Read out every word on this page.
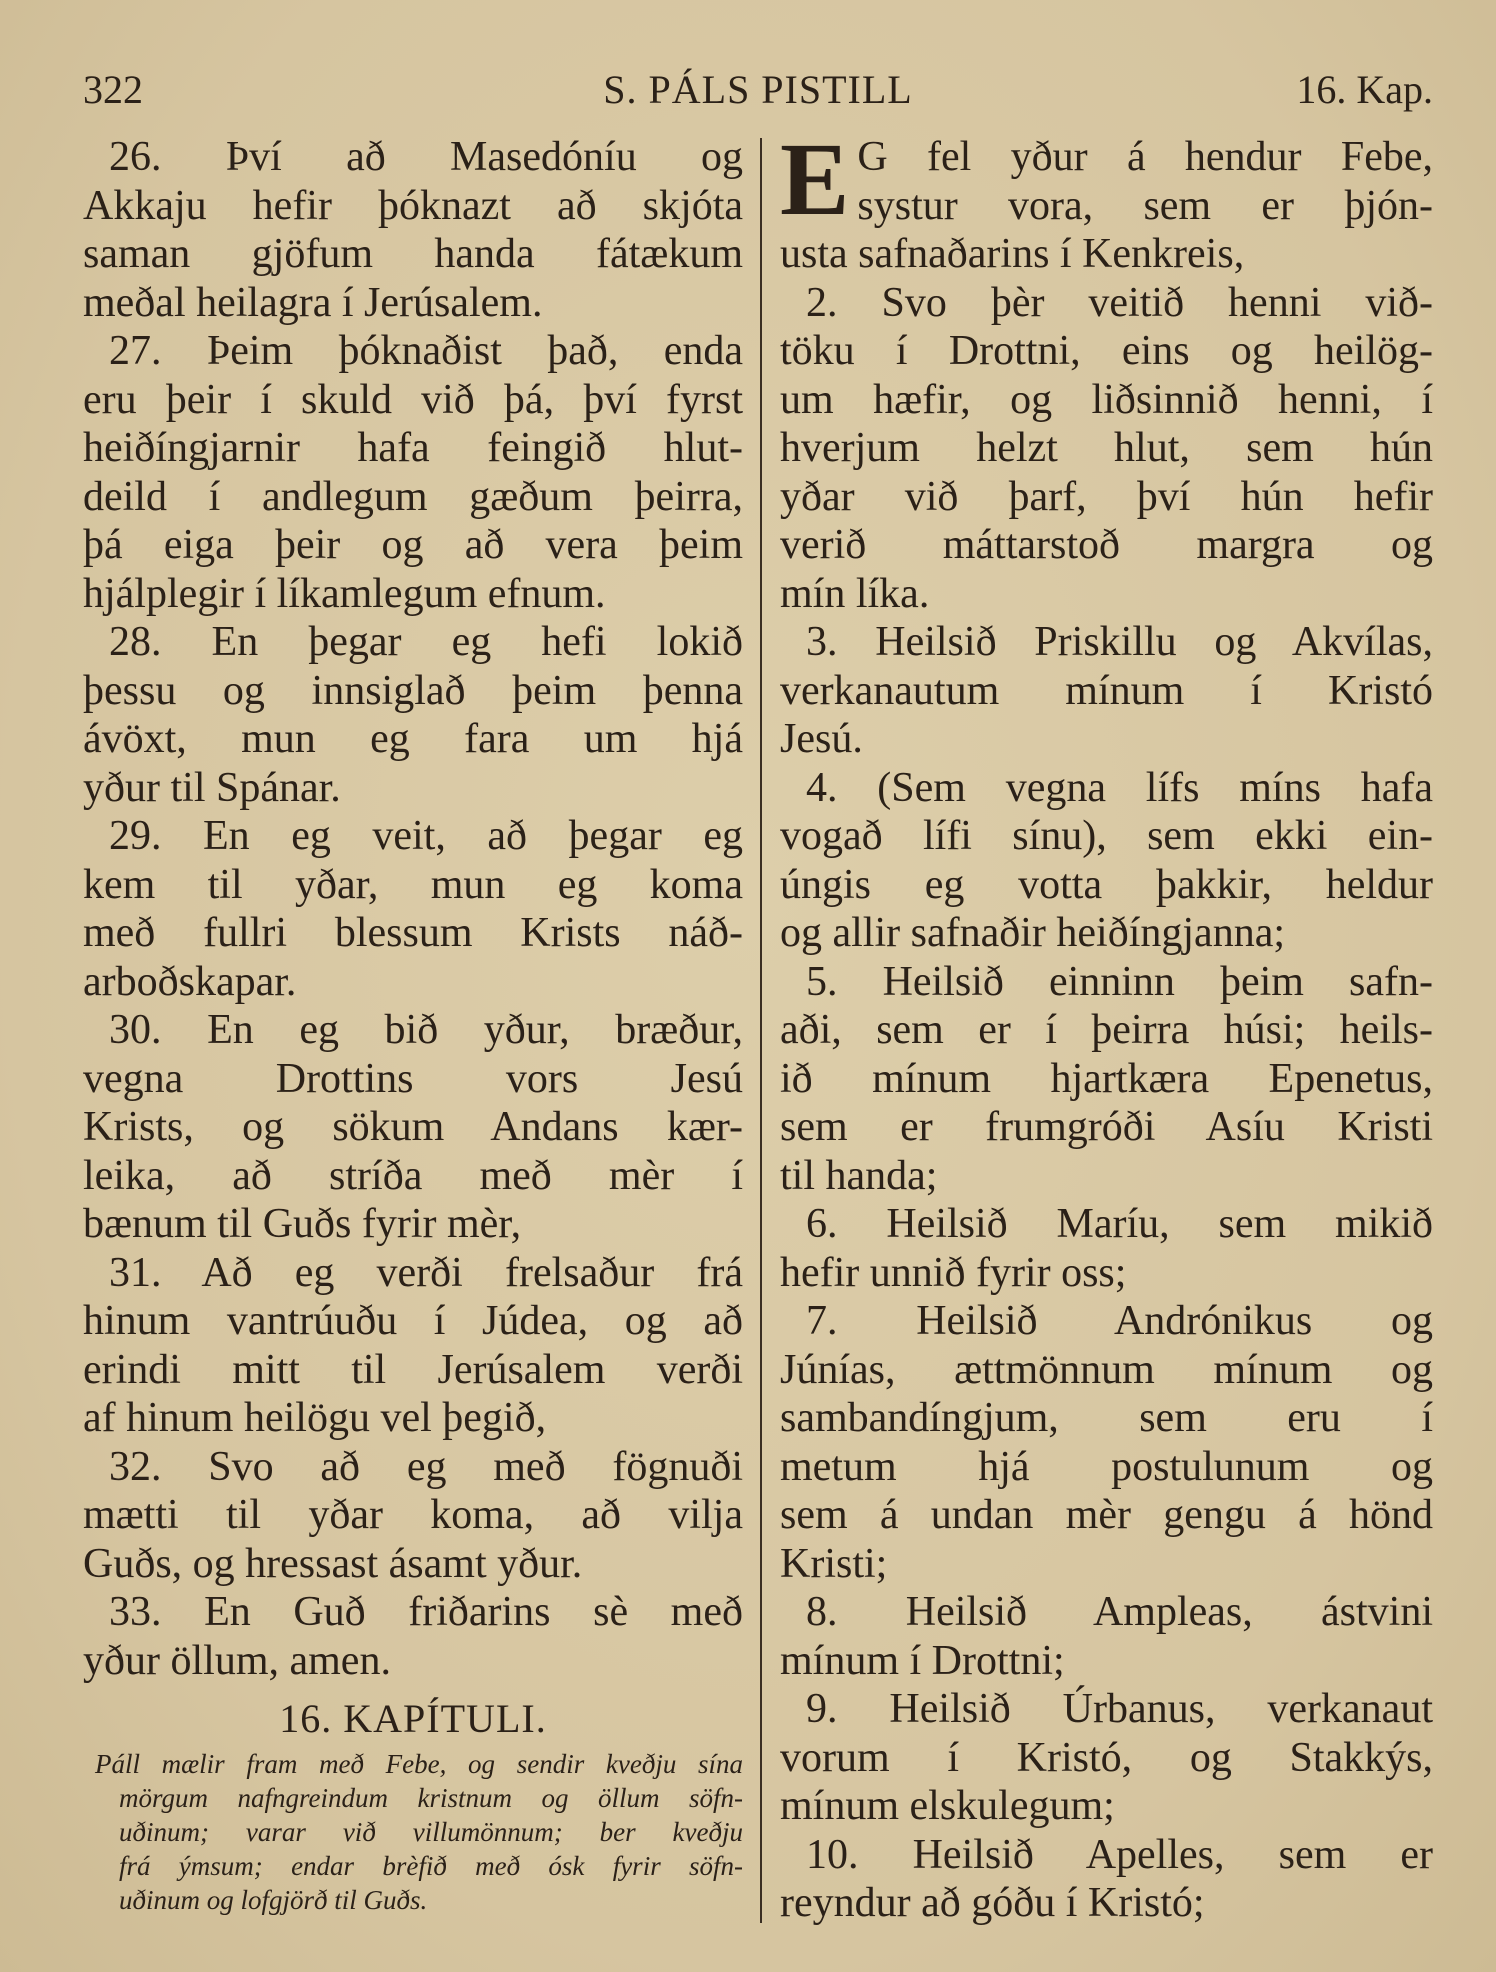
322	S. PÁLS PISTILL	16. Kap.
26. Því að Masedóníu og
Akkaju hefir þóknazt að skjóta
saman gjöfum handa fátækum
meðal heilagra í Jerúsalem.
27. Þeim þóknaðist það, enda
eru þeir í skuld við þá, því fyrst
heiðíngjarnir hafa feingið hlut-
deild í andlegum gæðum þeirra,
þá eiga þeir og að vera þeim
hjálplegir í líkamlegum efnum.
28. En þegar eg hefi lokið
þessu og innsiglað þeim þenna
ávöxt, mun eg fara um hjá
yður til Spánar.
29. En eg veit, að þegar eg
kem til yðar, mun eg koma
með fullri blessum Krists náð-
arboðskapar.
30. En eg bið yður, bræður,
vegna Drottins vors Jesú
Krists, og sökum Andans kær-
leika, að stríða með mèr í
bænum til Guðs fyrir mèr,
31. Að eg verði frelsaður frá
hinum vantrúuðu í Júdea, og að
erindi mitt til Jerúsalem verði
af hinum heilögu vel þegið,
32. Svo að eg með fögnuði
mætti til yðar koma, að vilja
Guðs, og hressast ásamt yður.
33. En Guð friðarins sè með
yður öllum, amen.
16. KAPÍTULI.
Páll mælir fram með Febe, og sendir kveðju sína
mörgum nafngreindum kristnum og öllum söfn-
uðinum; varar við villumönnum; ber kveðju
frá ýmsum; endar brèfið með ósk fyrir söfn-
uðinum og lofgjörð til Guðs.
E G fel yður á hendur Febe,
systur vora, sem er þjón-
usta safnaðarins í Kenkreis,
2. Svo þèr veitið henni við-
töku í Drottni, eins og heilög-
um hæfir, og liðsinnið henni, í
hverjum helzt hlut, sem hún
yðar við þarf, því hún hefir
verið máttarstoð margra og
mín líka.
3. Heilsið Priskillu og Akvílas,
verkanautum mínum í Kristó
Jesú.
4. (Sem vegna lífs míns hafa
vogað lífi sínu), sem ekki ein-
úngis eg votta þakkir, heldur
og allir safnaðir heiðíngjanna;
5. Heilsið einninn þeim safn-
aði, sem er í þeirra húsi; heils-
ið mínum hjartkæra Epenetus,
sem er frumgróði Asíu Kristi
til handa;
6. Heilsið Maríu, sem mikið
hefir unnið fyrir oss;
7. Heilsið Andrónikus og
Júnías, ættmönnum mínum og
sambandíngjum, sem eru í
metum hjá postulunum og
sem á undan mèr gengu á hönd
Kristi;
8. Heilsið Ampleas, ástvini
mínum í Drottni;
9. Heilsið Úrbanus, verkanaut
vorum í Kristó, og Stakkýs,
mínum elskulegum;
10. Heilsið Apelles, sem er
reyndur að góðu í Kristó;
